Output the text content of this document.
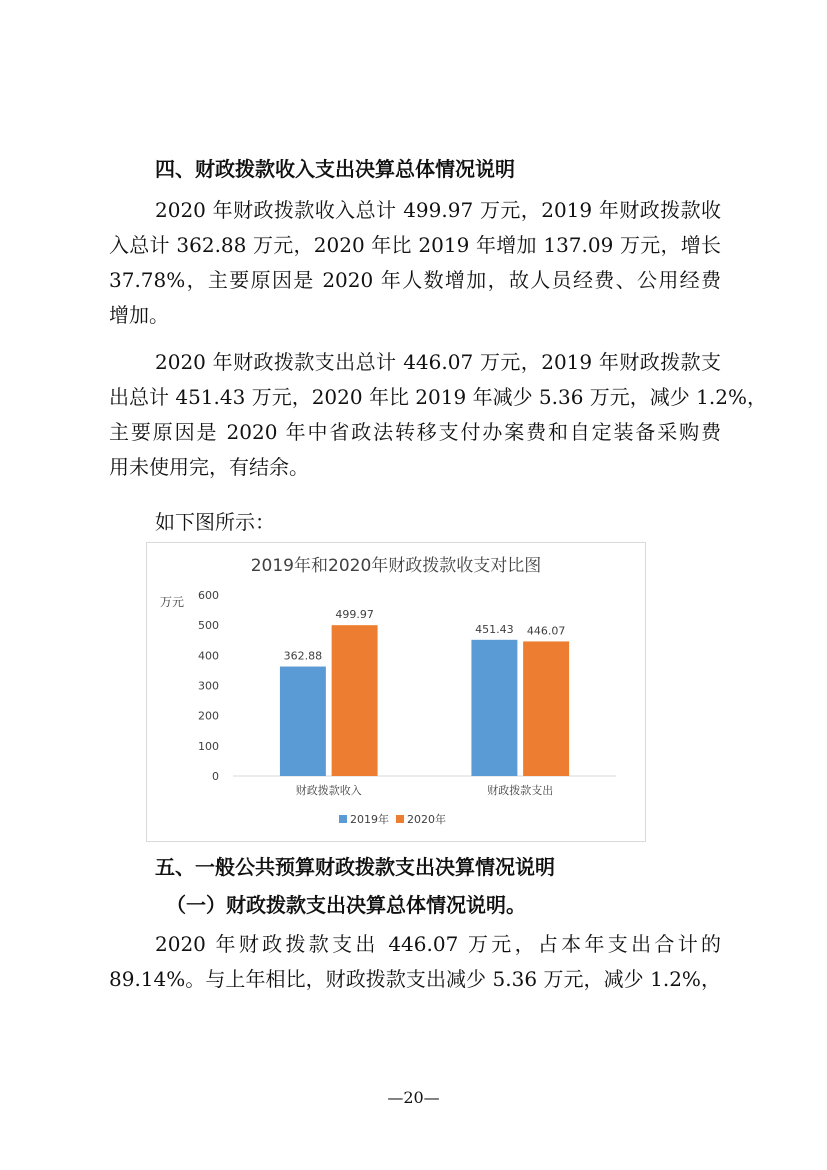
四、财政拨款收入支出决算总体情况说明

2020 年财政拨款收入总计 499.97 万元，2019 年财政拨款收
入总计 362.88 万元，2020 年比 2019 年增加 137.09 万元，增长
37.78%，主要原因是 2020 年人数增加，故人员经费、公用经费
增加。

2020 年财政拨款支出总计 446.07 万元，2019 年财政拨款支
出总计 451.43 万元，2020 年比 2019 年减少 5.36 万元，减少 1.2%，
主要原因是 2020 年中省政法转移支付办案费和自定装备采购费
用未使用完，有结余。

如下图所示：

2019年和2020年财政拨款收支对比图
万元
0
100
200
300
400
500
600
财政拨款收入
362.88
499.97
财政拨款支出
451.43 446.07
2019年 2020年
五、一般公共预算财政拨款支出决算情况说明
（一）财政拨款支出决算总体情况说明。

2020 年财政拨款支出 446.07 万元，占本年支出合计的
89.14%。与上年相比，财政拨款支出减少 5.36 万元，减少 1.2%，

—20—
